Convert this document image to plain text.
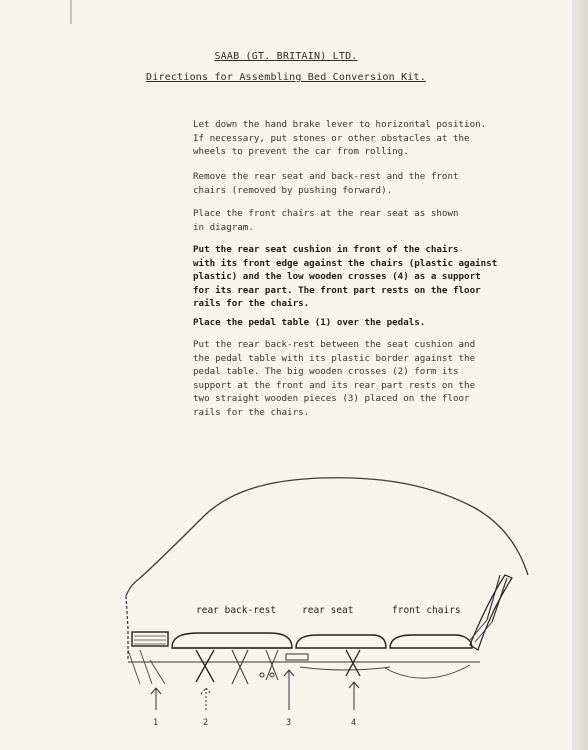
SAAB (GT. BRITAIN) LTD.
Directions for Assembling Bed Conversion Kit.
Let down the hand brake lever to horizontal position.
If necessary, put stones or other obstacles at the
wheels to prevent the car from rolling.
Remove the rear seat and back-rest and the front
chairs (removed by pushing forward).
Place the front chairs at the rear seat as shown
in diagram.
Put the rear seat cushion in front of the chairs
with its front edge against the chairs (plastic against
plastic) and the low wooden crosses (4) as a support
for its rear part. The front part rests on the floor
rails for the chairs.
Place the pedal table (1) over the pedals.
Put the rear back-rest between the seat cushion and
the pedal table with its plastic border against the
pedal table. The big wooden crosses (2) form its
support at the front and its rear part rests on the
two straight wooden pieces (3) placed on the floor
rails for the chairs.
rear back-rest	rear seat	front chairs
1	2	3	4
